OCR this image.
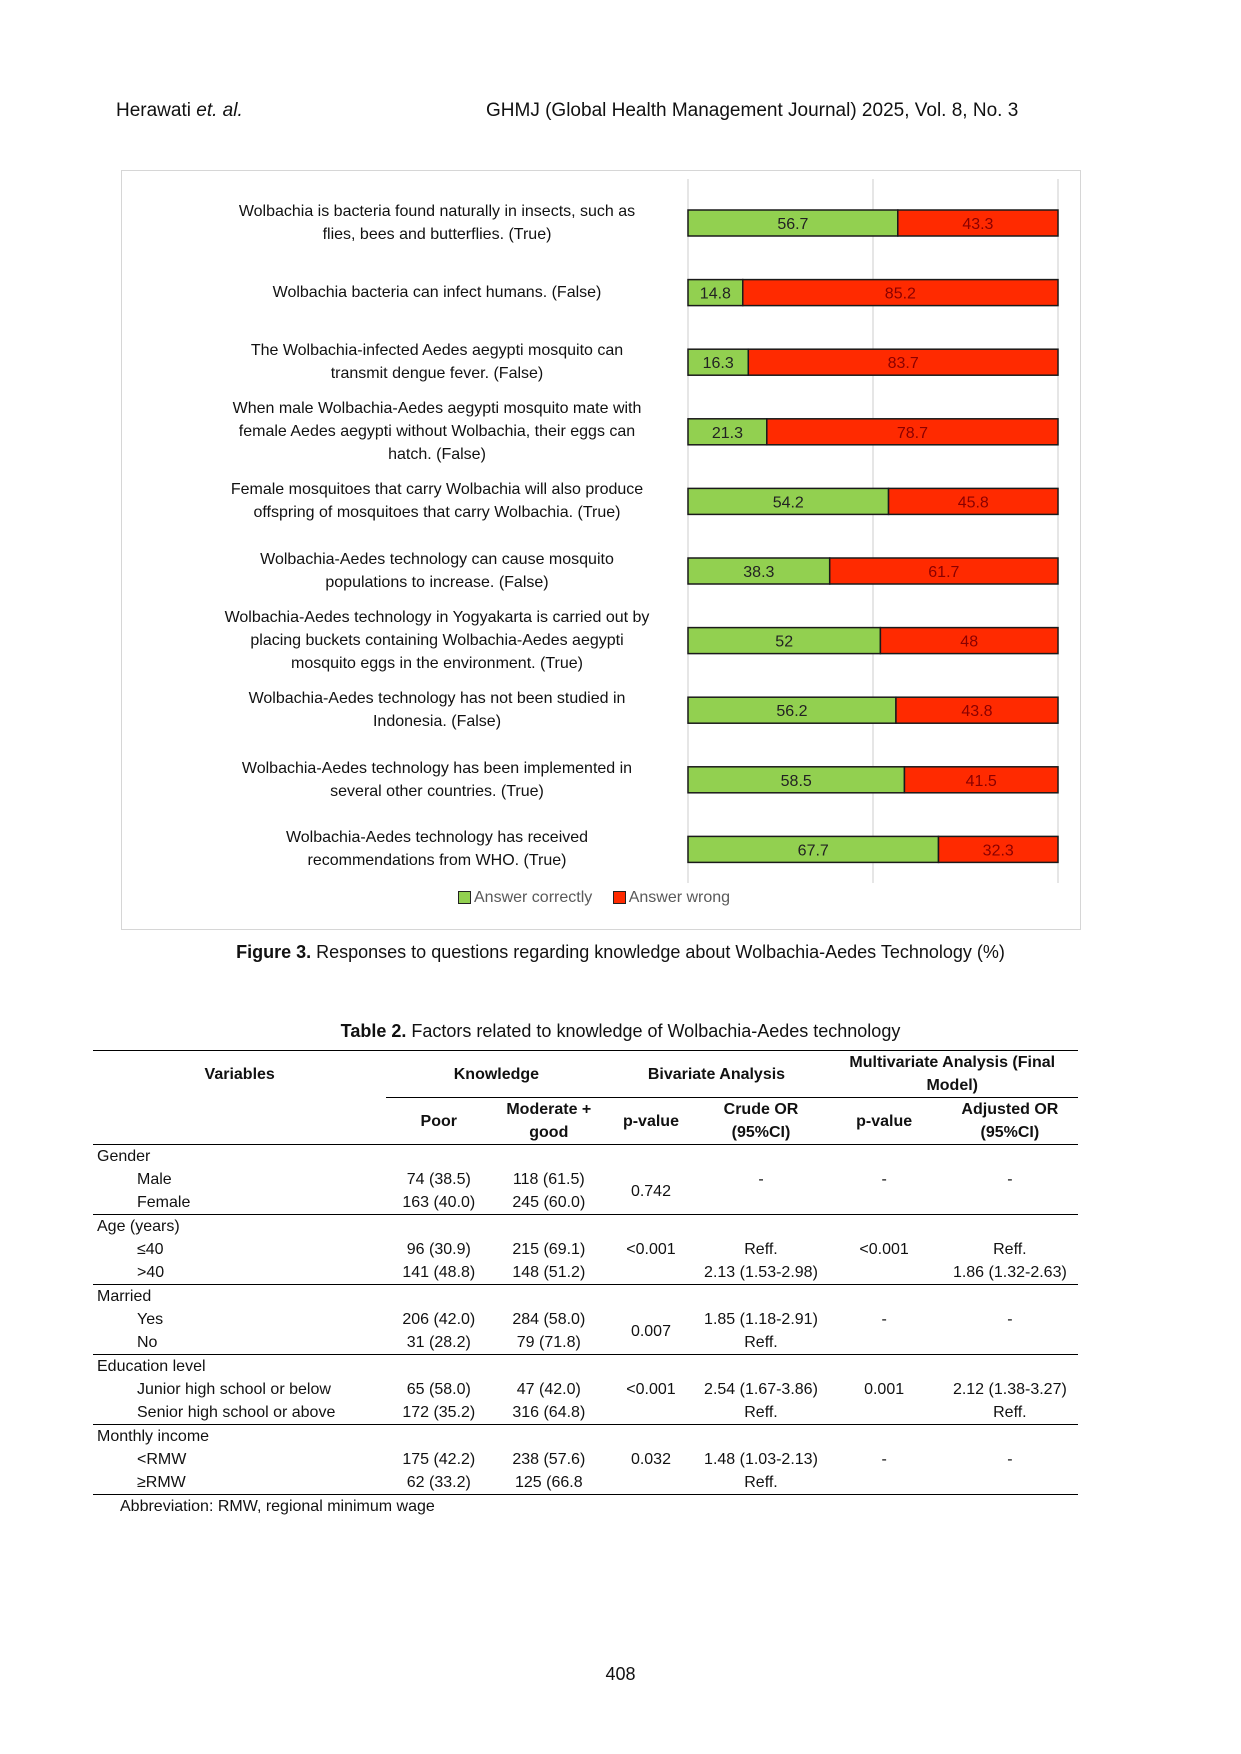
Herawati et. al.	GHMJ (Global Health Management Journal) 2025, Vol. 8, No. 3
Wolbachia is bacteria found naturally in insects, such as
flies, bees and butterflies. (True)
Wolbachia bacteria can infect humans. (False)
The Wolbachia-infected Aedes aegypti mosquito can
transmit dengue fever. (False)
When male Wolbachia-Aedes aegypti mosquito mate with
female Aedes aegypti without Wolbachia, their eggs can
hatch. (False)
Female mosquitoes that carry Wolbachia will also produce
offspring of mosquitoes that carry Wolbachia. (True)
Wolbachia-Aedes technology can cause mosquito
populations to increase. (False)
Wolbachia-Aedes technology in Yogyakarta is carried out by
placing buckets containing Wolbachia-Aedes aegypti
mosquito eggs in the environment. (True)
Wolbachia-Aedes technology has not been studied in
Indonesia. (False)
Wolbachia-Aedes technology has been implemented in
several other countries. (True)
Wolbachia-Aedes technology has received
recommendations from WHO. (True)
56.7	43.3
14.8	85.2
16.3	83.7
21.3	78.7
54.2	45.8
38.3	61.7
52	48
56.2	43.8
58.5	41.5
67.7	32.3
Answer correctly Answer wrong
Figure 3. Responses to questions regarding knowledge about Wolbachia-Aedes Technology (%)
Table 2. Factors related to knowledge of Wolbachia-Aedes technology
Variables	Knowledge		Bivariate Analysis		Multivariate Analysis (Final Model)	
	Poor	Moderate + good	p-value	Crude OR (95%CI)	p-value	Adjusted OR (95%CI)
Gender						
Male	74 (38.5)	118 (61.5)	0.742	-	-	-
Female	163 (40.0)	245 (60.0)				
Age (years)						
≤40	96 (30.9)	215 (69.1)	<0.001	Reff.	<0.001	Reff.
>40	141 (48.8)	148 (51.2)		2.13 (1.53-2.98)		1.86 (1.32-2.63)
Married						
Yes	206 (42.0)	284 (58.0)	0.007	1.85 (1.18-2.91)	-	-
No	31 (28.2)	79 (71.8)		Reff.		
Education level						
Junior high school or below	65 (58.0)	47 (42.0)	<0.001	2.54 (1.67-3.86)	0.001	2.12 (1.38-3.27)
Senior high school or above	172 (35.2)	316 (64.8)		Reff.		Reff.
Monthly income						
<RMW	175 (42.2)	238 (57.6)	0.032	1.48 (1.03-2.13)	-	-
≥RMW	62 (33.2)	125 (66.8		Reff.		
Abbreviation: RMW, regional minimum wage
408
